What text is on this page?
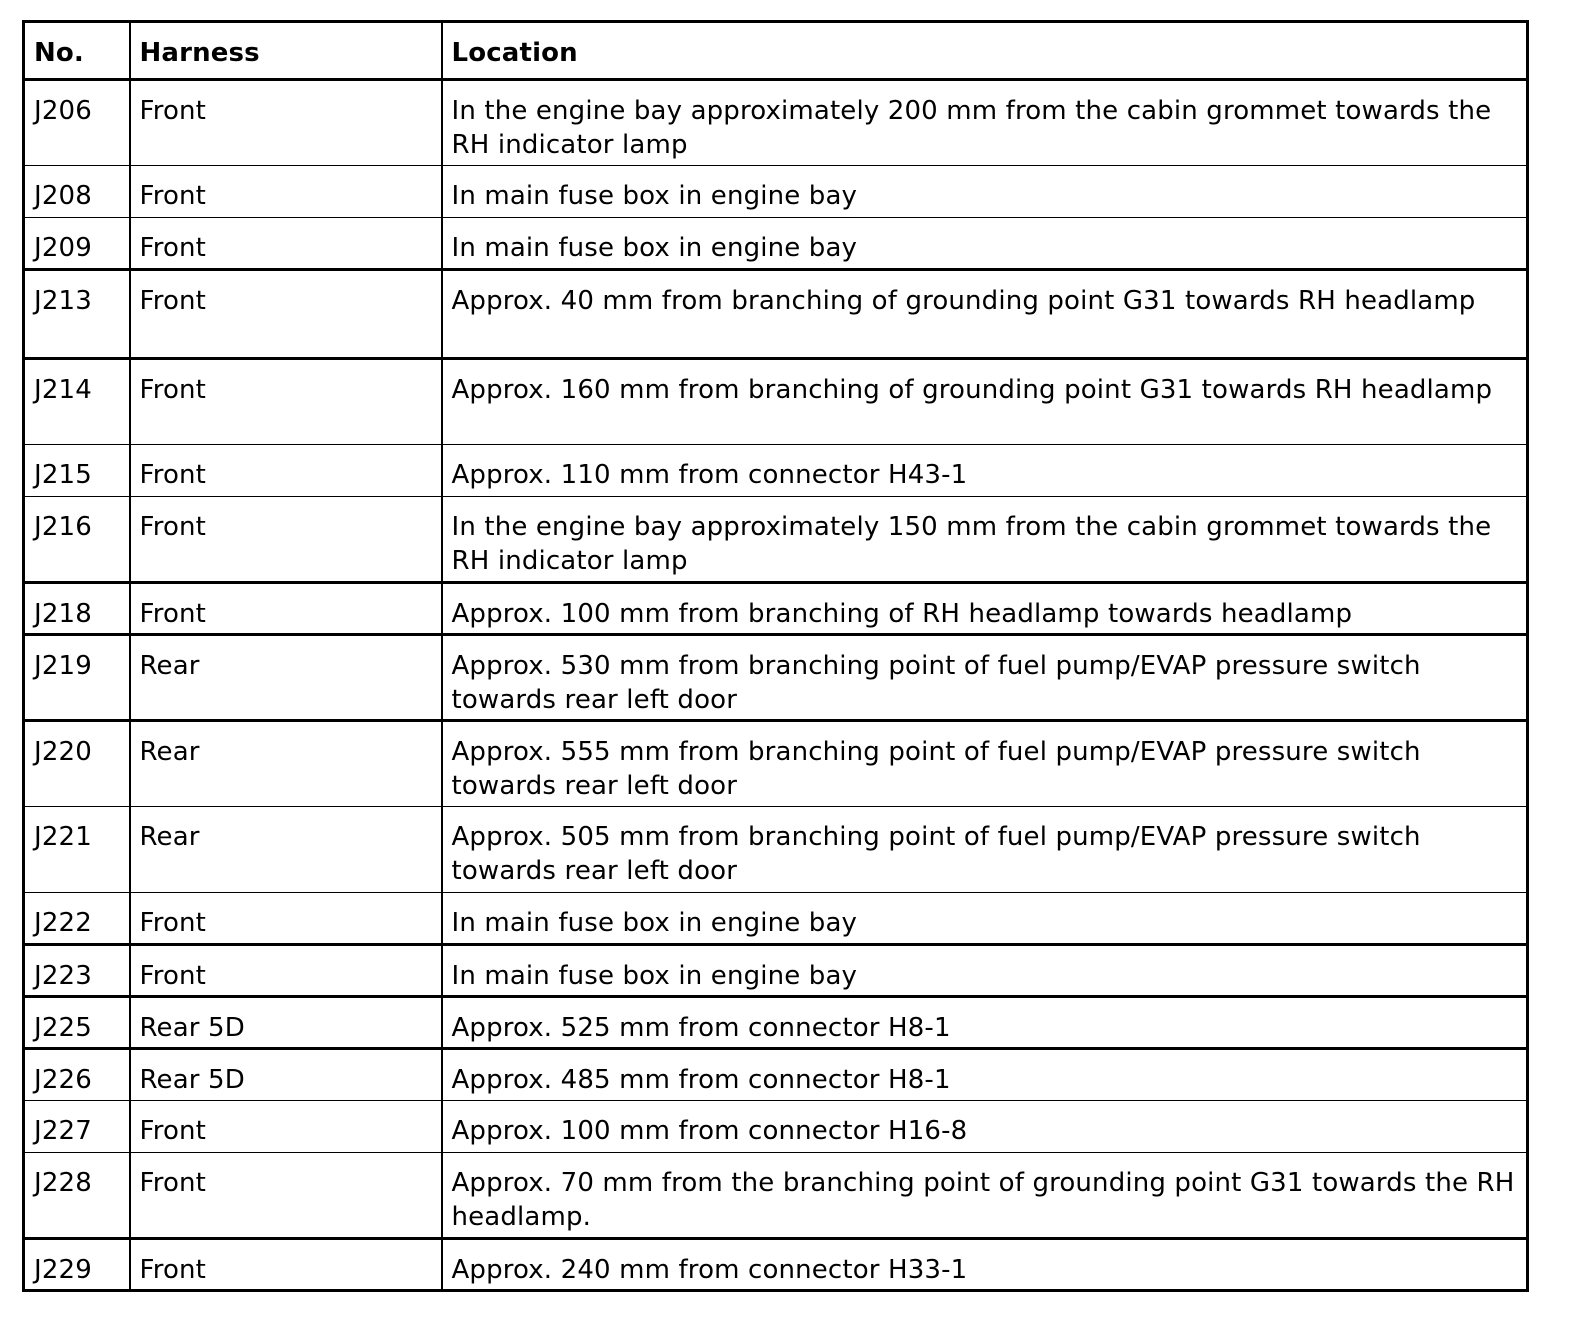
No.	Harness	Location
J206	Front	In the engine bay approximately 200 mm from the cabin grommet towards the RH indicator lamp
J208	Front	In main fuse box in engine bay
J209	Front	In main fuse box in engine bay
J213	Front	Approx. 40 mm from branching of grounding point G31 towards RH headlamp
J214	Front	Approx. 160 mm from branching of grounding point G31 towards RH headlamp
J215	Front	Approx. 110 mm from connector H43-1
J216	Front	In the engine bay approximately 150 mm from the cabin grommet towards the RH indicator lamp
J218	Front	Approx. 100 mm from branching of RH headlamp towards headlamp
J219	Rear	Approx. 530 mm from branching point of fuel pump/EVAP pressure switch towards rear left door
J220	Rear	Approx. 555 mm from branching point of fuel pump/EVAP pressure switch towards rear left door
J221	Rear	Approx. 505 mm from branching point of fuel pump/EVAP pressure switch towards rear left door
J222	Front	In main fuse box in engine bay
J223	Front	In main fuse box in engine bay
J225	Rear 5D	Approx. 525 mm from connector H8-1
J226	Rear 5D	Approx. 485 mm from connector H8-1
J227	Front	Approx. 100 mm from connector H16-8
J228	Front	Approx. 70 mm from the branching point of grounding point G31 towards the RH headlamp.
J229	Front	Approx. 240 mm from connector H33-1
